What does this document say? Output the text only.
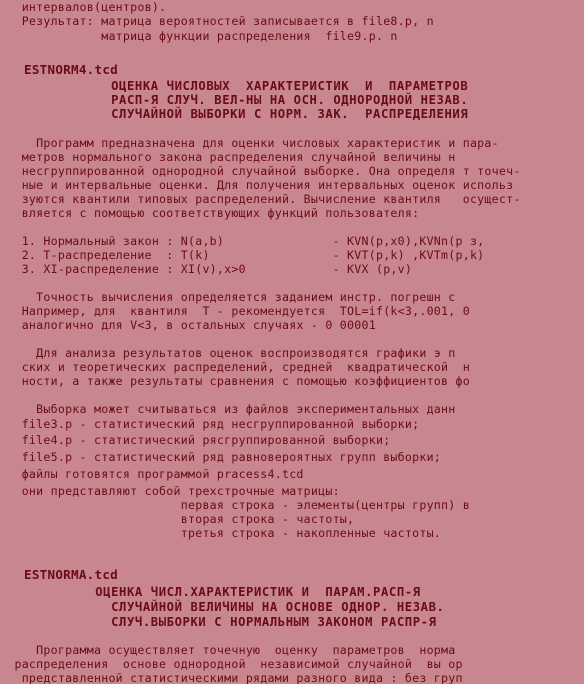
интервалов(центров).
Результат: матрица вероятностей записывается в file8.p, n
матрица функции распределения  file9.p. n
ESTNORM4.tcd
ОЦЕНКА ЧИСЛОВЫХ  ХАРАКТЕРИСТИК  И  ПАРАМЕТРОВ
РАСП-Я СЛУЧ. ВЕЛ-НЫ НА ОСН. ОДНОРОДНОЙ НЕЗАВ.
СЛУЧАЙНОЙ ВЫБОРКИ С НОРМ. ЗАК.  РАСПРЕДЕЛЕНИЯ
Программ предназначена для оценки числовых характеристик и пара-
метров нормального закона распределения случайной величины н
несгруппированной однородной случайной выборке. Она определя т точеч-
ные и интервальные оценки. Для получения интервальных оценок использ
зуются квантили типовых распределений. Вычисление квантиля   осущест-
вляется с помощью соответствующих функций пользователя:
1. Нормальный закон : N(a,b)               - KVN(p,x0),KVNn(p з,
2. Т-распределение  : T(k)                 - KVT(p,k) ,KVTm(p,k)
3. XI-распределение : XI(v),x>0            - KVX (p,v)
Точность вычисления определяется заданием инстр. погрешн с
Например, для  квантиля  T - рекомендуется  TOL=if(k<3,.001, 0
аналогично для V<3, в остальных случаях - 0 00001
Для анализа результатов оценок воспроизводятся графики э п
ских и теоретических распределений, средней  квадратической  н
ности, а также результаты сравнения с помощью коэффициентов фо
Выборка может считываться из файлов экспериментальных данн
file3.p - статистический ряд несгруппированной выборки;
file4.p - статистический рясгруппированной выборки;
file5.p - статистический ряд равновероятных групп выборки;
файлы готовятся программой pracess4.tcd
они представляют собой трехстрочные матрицы:
первая строка - элементы(центры групп) в
вторая строка - частоты,
третья строка - накопленные частоты.
ESTNORMA.tcd
ОЦЕНКА ЧИСЛ.ХАРАКТЕРИСТИК И  ПАРАМ.РАСП-Я
СЛУЧАЙНОЙ ВЕЛИЧИНЫ НА ОСНОВЕ ОДНОР. НЕЗАВ.
СЛУЧ.ВЫБОРКИ С НОРМАЛЬНЫМ ЗАКОНОМ РАСПР-Я
Программа осуществляет точечную  оценку  параметров  норма
распределения  основе однородной  независимой случайной  вы ор
представленной статистическими рядами разного вида : без груп
